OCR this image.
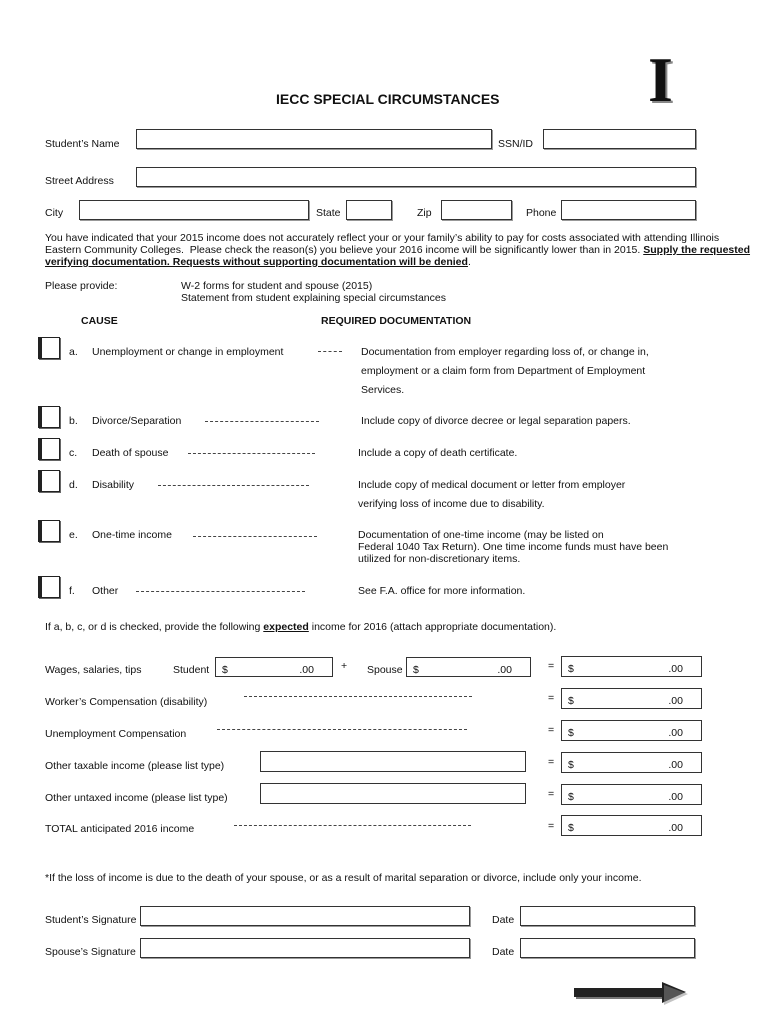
I
IECC SPECIAL CIRCUMSTANCES
Student’s Name	SSN/ID
Street Address
City	State	Zip	Phone
You have indicated that your 2015 income does not accurately reflect your or your family’s ability to pay for costs associated with attending Illinois
Eastern Community Colleges.  Please check the reason(s) you believe your 2016 income will be significantly lower than in 2015. Supply the requested
verifying documentation. Requests without supporting documentation will be denied.
Please provide:	W-2 forms for student and spouse (2015)
Statement from student explaining special circumstances
CAUSE	REQUIRED DOCUMENTATION
a. Unemployment or change in employment	Documentation from employer regarding loss of, or change in,
employment or a claim form from Department of Employment
Services.
b. Divorce/Separation	Include copy of divorce decree or legal separation papers.
c. Death of spouse	Include a copy of death certificate.
d. Disability	Include copy of medical document or letter from employer
verifying loss of income due to disability.
e. One-time income	Documentation of one-time income (may be listed on
Federal 1040 Tax Return). One time income funds must have been
utilized for non-discretionary items.
f. Other	See F.A. office for more information.
If a, b, c, or d is checked, provide the following expected income for 2016 (attach appropriate documentation).
Wages, salaries, tips	Student $	.00	+ Spouse $	.00	= $	.00
Worker’s Compensation (disability)	= $	.00
Unemployment Compensation	= $	.00
Other taxable income (please list type)	= $	.00
Other untaxed income (please list type)	= $	.00
TOTAL anticipated 2016 income	= $	.00
*If the loss of income is due to the death of your spouse, or as a result of marital separation or divorce, include only your income.
Student’s Signature	Date
Spouse’s Signature	Date
